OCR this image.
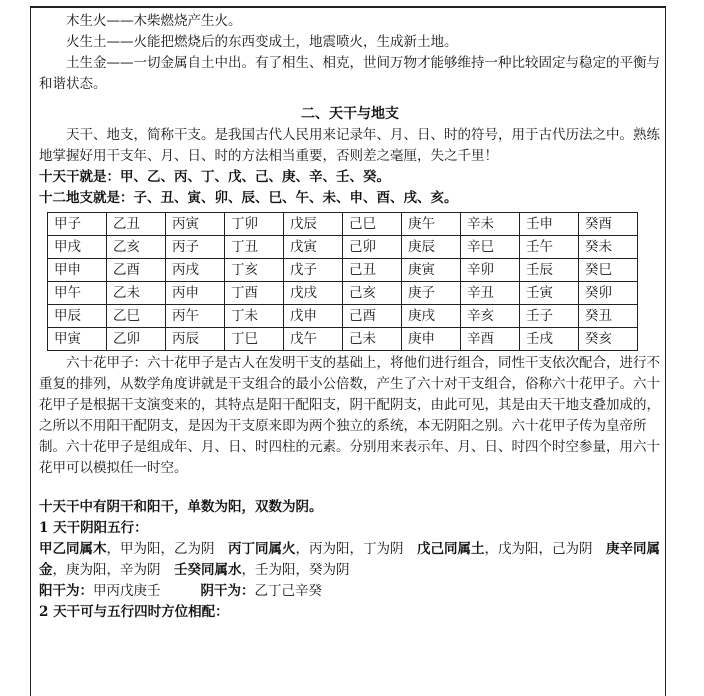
木生火——木柴燃烧产生火。

火生土——火能把燃烧后的东西变成土，地震喷火，生成新土地。

土生金——一切金属自土中出。有了相生、相克，世间万物才能够维持一种比较固定与稳定的平衡与和谐状态。

二、天干与地支

天干、地支，简称干支。是我国古代人民用来记录年、月、日、时的符号，用于古代历法之中。熟练地掌握好用干支年、月、日、时的方法相当重要，否则差之毫厘，失之千里！

十天干就是：甲、乙、丙、丁、戊、己、庚、辛、壬、癸。

十二地支就是：子、丑、寅、卯、辰、巳、午、未、申、酉、戌、亥。

甲子	乙丑	丙寅	丁卯	戊辰	己巳	庚午	辛未	壬申	癸酉
甲戌	乙亥	丙子	丁丑	戊寅	己卯	庚辰	辛巳	壬午	癸未
甲申	乙酉	丙戌	丁亥	戊子	己丑	庚寅	辛卯	壬辰	癸巳
甲午	乙未	丙申	丁酉	戊戌	己亥	庚子	辛丑	壬寅	癸卯
甲辰	乙巳	丙午	丁未	戊申	己酉	庚戌	辛亥	壬子	癸丑
甲寅	乙卯	丙辰	丁巳	戊午	己未	庚申	辛酉	壬戌	癸亥

六十花甲子：六十花甲子是古人在发明干支的基础上，将他们进行组合，同性干支依次配合，进行不重复的排列，从数学角度讲就是干支组合的最小公倍数，产生了六十对干支组合，俗称六十花甲子。六十花甲子是根据干支演变来的，其特点是阳干配阳支，阴干配阴支，由此可见，其是由天干地支叠加成的，之所以不用阳干配阴支，是因为干支原来即为两个独立的系统，本无阴阳之别。六十花甲子传为皇帝所制。六十花甲子是组成年、月、日、时四柱的元素。分别用来表示年、月、日、时四个时空参量，用六十花甲可以模拟任一时空。

十天干中有阴干和阳干，单数为阳，双数为阴。

1 天干阴阳五行：

甲乙同属木，甲为阳，乙为阴　丙丁同属火，丙为阳，丁为阴　戊己同属土，戊为阳，己为阴　庚辛同属金，庚为阳，辛为阴　壬癸同属水，壬为阳，癸为阴

阳干为：甲丙戊庚壬	阴干为：乙丁己辛癸

2 天干可与五行四时方位相配：
